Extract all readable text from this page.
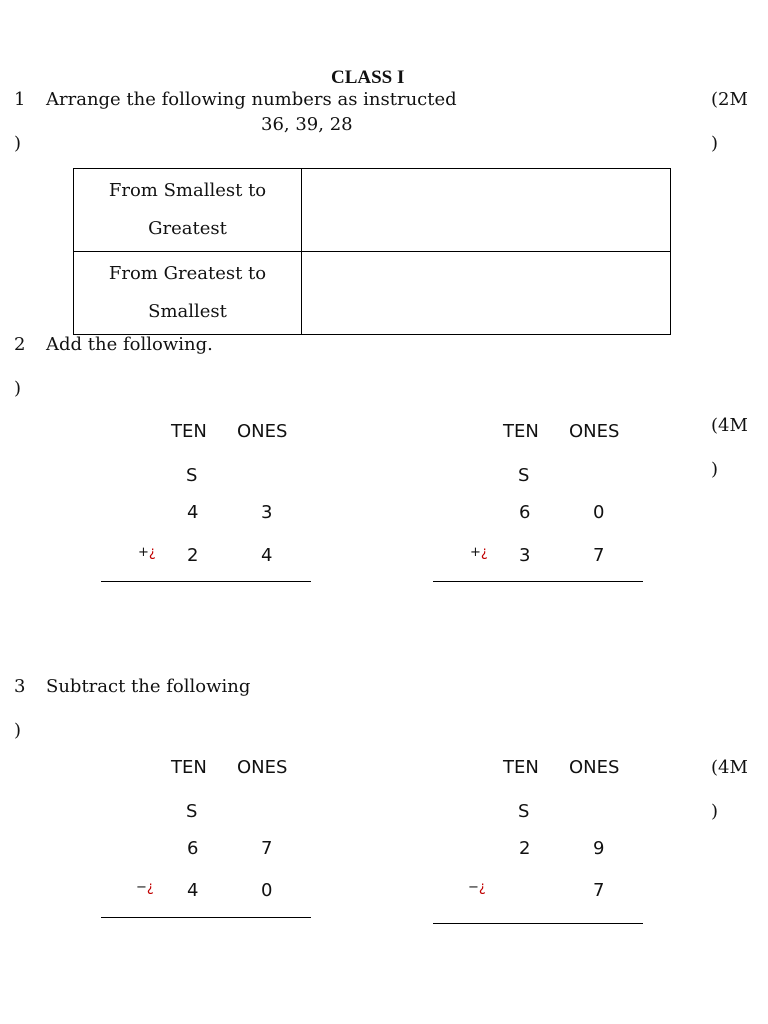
CLASS I
1 Arrange the following numbers as instructed	(2M
36, 39, 28
)	)
From Smallest to
Greatest	

From Greatest to
Smallest	

2 Add the following.
)
(4M
)
TEN ONES
S
4	3
+¿ 2	4
TEN ONES
S
6	0
+¿ 3	7
3 Subtract the following
)
(4M
)
TEN ONES
S
6	7
−¿ 4	0
TEN ONES
S
2	9
−¿	7
